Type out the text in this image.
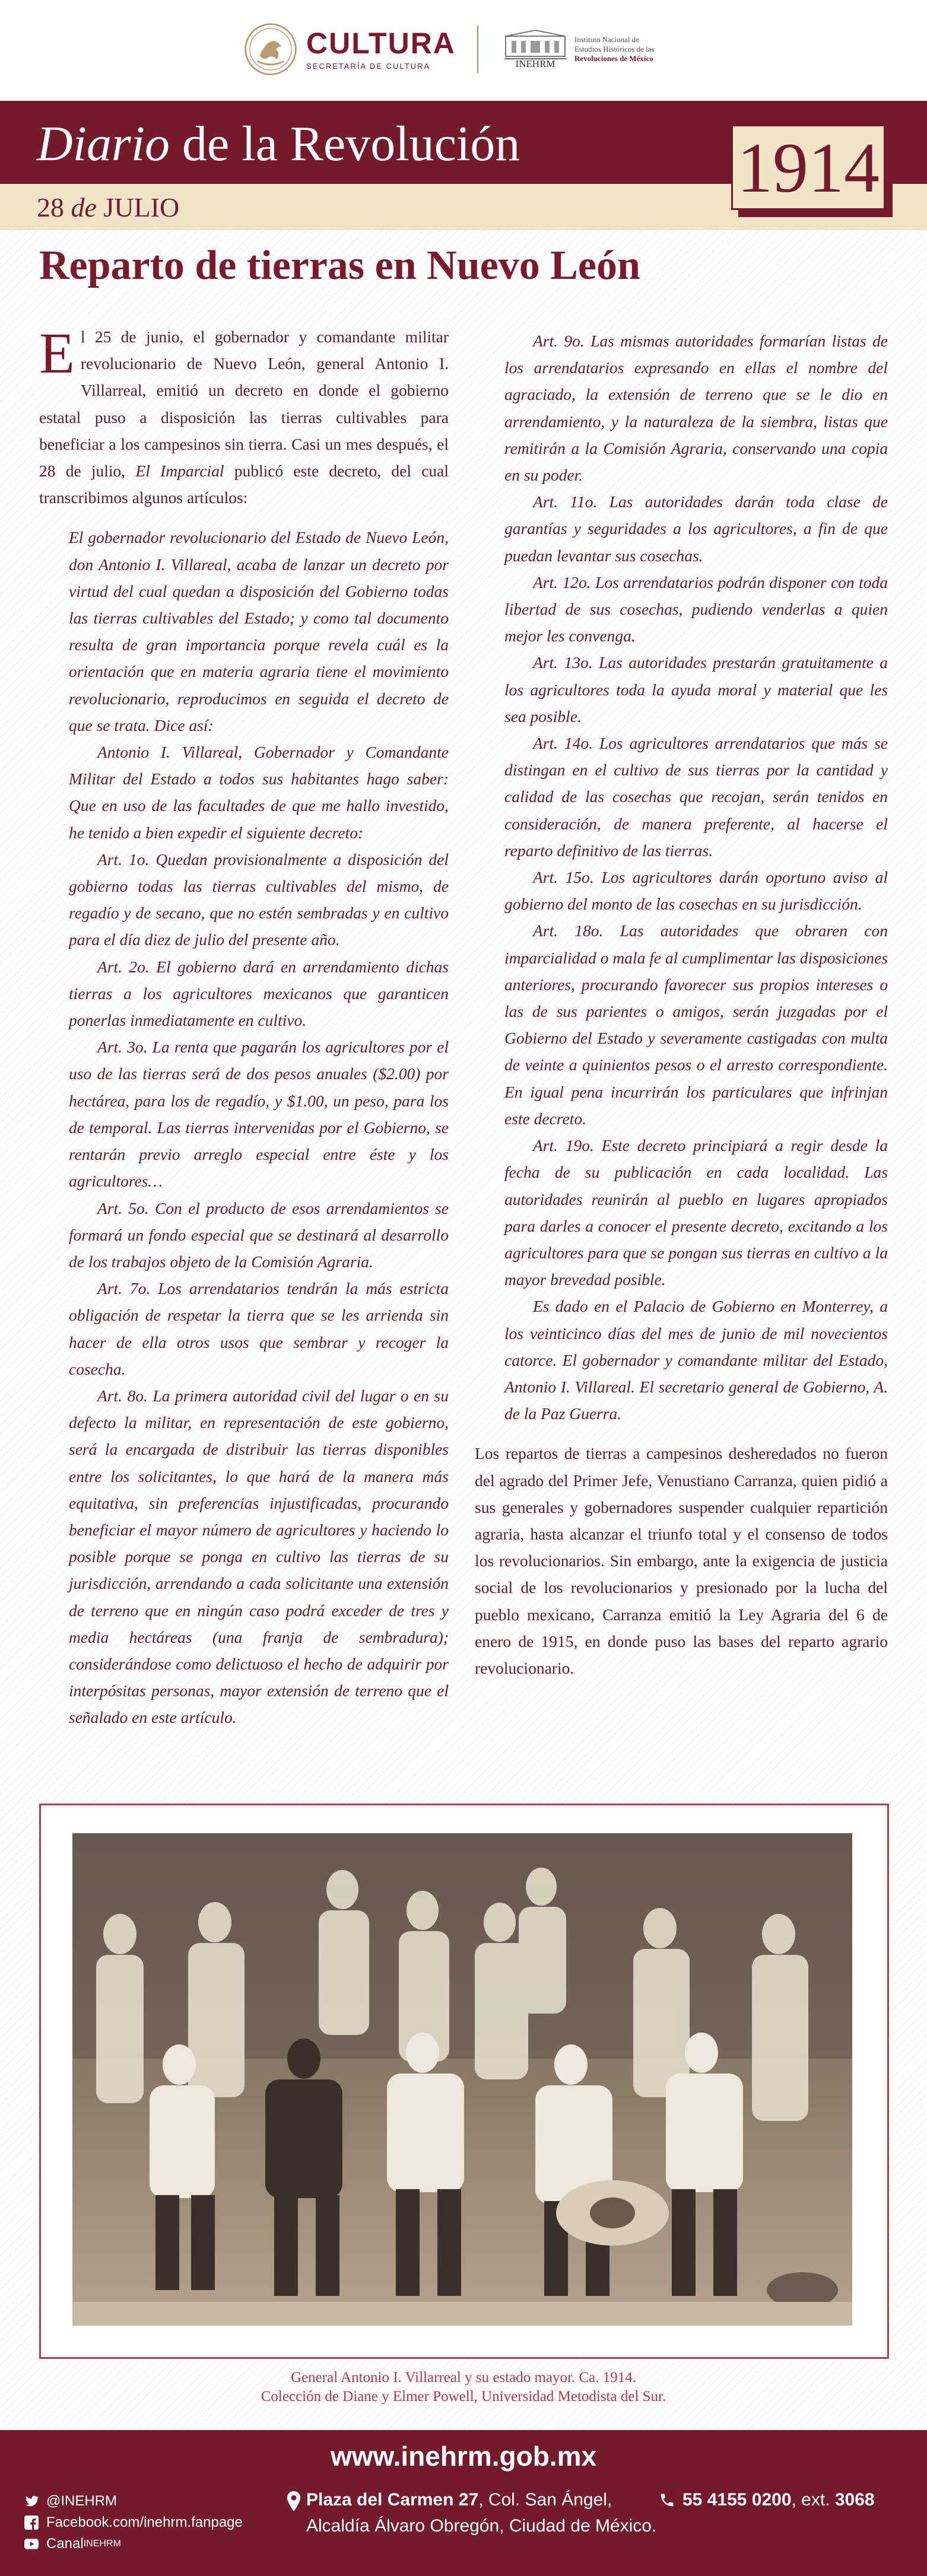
CULTURA
SECRETARÍA DE CULTURA	INEHRM
Instituto Nacional de
Estudios Históricos de las
Revoluciones de México
Diario de la Revolución
28 de JULIO
1914
Reparto de tierras en Nuevo León

El 25 de junio, el gobernador y comandante militar revolucionario de Nuevo León, general Antonio I. Villarreal, emitió un decreto en donde el gobierno estatal puso a disposición las tierras cultivables para beneficiar a los campesinos sin tierra. Casi un mes después, el 28 de julio, El Imparcial publicó este decreto, del cual transcribimos algunos artículos:

El gobernador revolucionario del Estado de Nuevo León, don Antonio I. Villareal, acaba de lanzar un decreto por virtud del cual quedan a disposición del Gobierno todas las tierras cultivables del Estado; y como tal documento resulta de gran importancia porque revela cuál es la orientación que en materia agraria tiene el movimiento revolucionario, reproducimos en seguida el decreto de que se trata. Dice así:

Antonio I. Villareal, Gobernador y Comandante Militar del Estado a todos sus habitantes hago saber: Que en uso de las facultades de que me hallo investido, he tenido a bien expedir el siguiente decreto:

Art. 1o. Quedan provisionalmente a disposición del gobierno todas las tierras cultivables del mismo, de regadío y de secano, que no estén sembradas y en cultivo para el día diez de julio del presente año.

Art. 2o. El gobierno dará en arrendamiento dichas tierras a los agricultores mexicanos que garanticen ponerlas inmediatamente en cultivo.

Art. 3o. La renta que pagarán los agricultores por el uso de las tierras será de dos pesos anuales ($2.00) por hectárea, para los de regadío, y $1.00, un peso, para los de temporal. Las tierras intervenidas por el Gobierno, se rentarán previo arreglo especial entre éste y los agricultores…

Art. 5o. Con el producto de esos arrendamientos se formará un fondo especial que se destinará al desarrollo de los trabajos objeto de la Comisión Agraria.

Art. 7o. Los arrendatarios tendrán la más estricta obligación de respetar la tierra que se les arrienda sin hacer de ella otros usos que sembrar y recoger la cosecha.

Art. 8o. La primera autoridad civil del lugar o en su defecto la militar, en representación de este gobierno, será la encargada de distribuir las tierras disponibles entre los solicitantes, lo que hará de la manera más equitativa, sin preferencias injustificadas, procurando beneficiar el mayor número de agricultores y haciendo lo posible porque se ponga en cultivo las tierras de su jurisdicción, arrendando a cada solicitante una extensión de terreno que en ningún caso podrá exceder de tres y media hectáreas (una franja de sembradura); considerándose como delictuoso el hecho de adquirir por interpósitas personas, mayor extensión de terreno que el señalado en este artículo.

Art. 9o. Las mismas autoridades formarían listas de los arrendatarios expresando en ellas el nombre del agraciado, la extensión de terreno que se le dio en arrendamiento, y la naturaleza de la siembra, listas que remitirán a la Comisión Agraria, conservando una copia en su poder.

Art. 11o. Las autoridades darán toda clase de garantías y seguridades a los agricultores, a fin de que puedan levantar sus cosechas.

Art. 12o. Los arrendatarios podrán disponer con toda libertad de sus cosechas, pudiendo venderlas a quien mejor les convenga.

Art. 13o. Las autoridades prestarán gratuitamente a los agricultores toda la ayuda moral y material que les sea posible.

Art. 14o. Los agricultores arrendatarios que más se distingan en el cultivo de sus tierras por la cantidad y calidad de las cosechas que recojan, serán tenidos en consideración, de manera preferente, al hacerse el reparto definitivo de las tierras.

Art. 15o. Los agricultores darán oportuno aviso al gobierno del monto de las cosechas en su jurisdicción.

Art. 18o. Las autoridades que obraren con imparcialidad o mala fe al cumplimentar las disposiciones anteriores, procurando favorecer sus propios intereses o las de sus parientes o amigos, serán juzgadas por el Gobierno del Estado y severamente castigadas con multa de veinte a quinientos pesos o el arresto correspondiente. En igual pena incurrirán los particulares que infrinjan este decreto.

Art. 19o. Este decreto principiará a regir desde la fecha de su publicación en cada localidad. Las autoridades reunirán al pueblo en lugares apropiados para darles a conocer el presente decreto, excitando a los agricultores para que se pongan sus tierras en cultivo a la mayor brevedad posible.

Es dado en el Palacio de Gobierno en Monterrey, a los veinticinco días del mes de junio de mil novecientos catorce. El gobernador y comandante militar del Estado, Antonio I. Villareal. El secretario general de Gobierno, A. de la Paz Guerra.

Los repartos de tierras a campesinos desheredados no fueron del agrado del Primer Jefe, Venustiano Carranza, quien pidió a sus generales y gobernadores suspender cualquier repartición agraria, hasta alcanzar el triunfo total y el consenso de todos los revolucionarios. Sin embargo, ante la exigencia de justicia social de los revolucionarios y presionado por la lucha del pueblo mexicano, Carranza emitió la Ley Agraria del 6 de enero de 1915, en donde puso las bases del reparto agrario revolucionario.

General Antonio I. Villarreal y su estado mayor. Ca. 1914.
Colección de Diane y Elmer Powell, Universidad Metodista del Sur.
www.inehrm.gob.mx
@INEHRM
Facebook.com/inehrm.fanpage
Canal INEHRM
Plaza del Carmen 27, Col. San Ángel,
Alcaldía Álvaro Obregón, Ciudad de México.
55 4155 0200, ext. 3068
